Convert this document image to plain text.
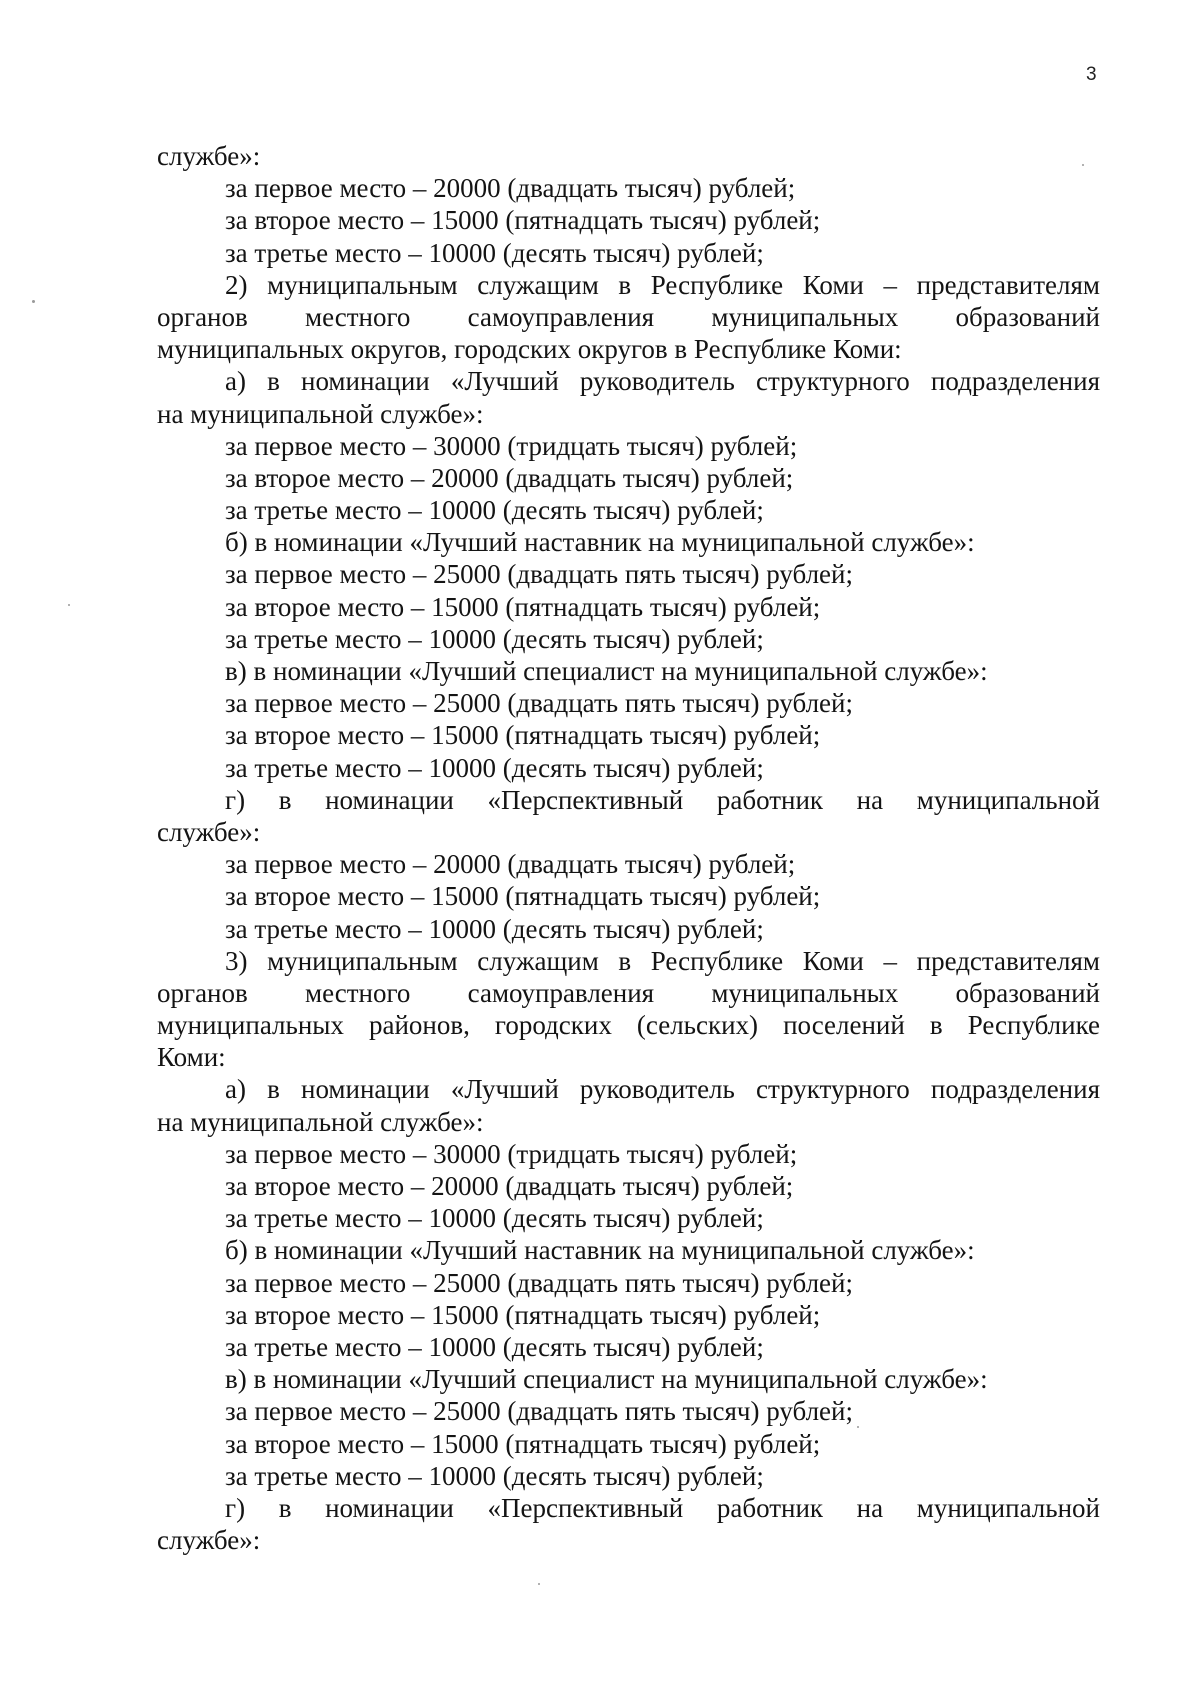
3
службе»:
за первое место – 20000 (двадцать тысяч) рублей;
за второе место – 15000 (пятнадцать тысяч) рублей;
за третье место – 10000 (десять тысяч) рублей;
2) муниципальным служащим в Республике Коми – представителям
органов местного самоуправления муниципальных образований
муниципальных округов, городских округов в Республике Коми:
а) в номинации «Лучший руководитель структурного подразделения
на муниципальной службе»:
за первое место – 30000 (тридцать тысяч) рублей;
за второе место – 20000 (двадцать тысяч) рублей;
за третье место – 10000 (десять тысяч) рублей;
б) в номинации «Лучший наставник на муниципальной службе»:
за первое место – 25000 (двадцать пять тысяч) рублей;
за второе место – 15000 (пятнадцать тысяч) рублей;
за третье место – 10000 (десять тысяч) рублей;
в) в номинации «Лучший специалист на муниципальной службе»:
за первое место – 25000 (двадцать пять тысяч) рублей;
за второе место – 15000 (пятнадцать тысяч) рублей;
за третье место – 10000 (десять тысяч) рублей;
г) в номинации «Перспективный работник на муниципальной
службе»:
за первое место – 20000 (двадцать тысяч) рублей;
за второе место – 15000 (пятнадцать тысяч) рублей;
за третье место – 10000 (десять тысяч) рублей;
3) муниципальным служащим в Республике Коми – представителям
органов местного самоуправления муниципальных образований
муниципальных районов, городских (сельских) поселений в Республике
Коми:
а) в номинации «Лучший руководитель структурного подразделения
на муниципальной службе»:
за первое место – 30000 (тридцать тысяч) рублей;
за второе место – 20000 (двадцать тысяч) рублей;
за третье место – 10000 (десять тысяч) рублей;
б) в номинации «Лучший наставник на муниципальной службе»:
за первое место – 25000 (двадцать пять тысяч) рублей;
за второе место – 15000 (пятнадцать тысяч) рублей;
за третье место – 10000 (десять тысяч) рублей;
в) в номинации «Лучший специалист на муниципальной службе»:
за первое место – 25000 (двадцать пять тысяч) рублей;
за второе место – 15000 (пятнадцать тысяч) рублей;
за третье место – 10000 (десять тысяч) рублей;
г) в номинации «Перспективный работник на муниципальной
службе»:
